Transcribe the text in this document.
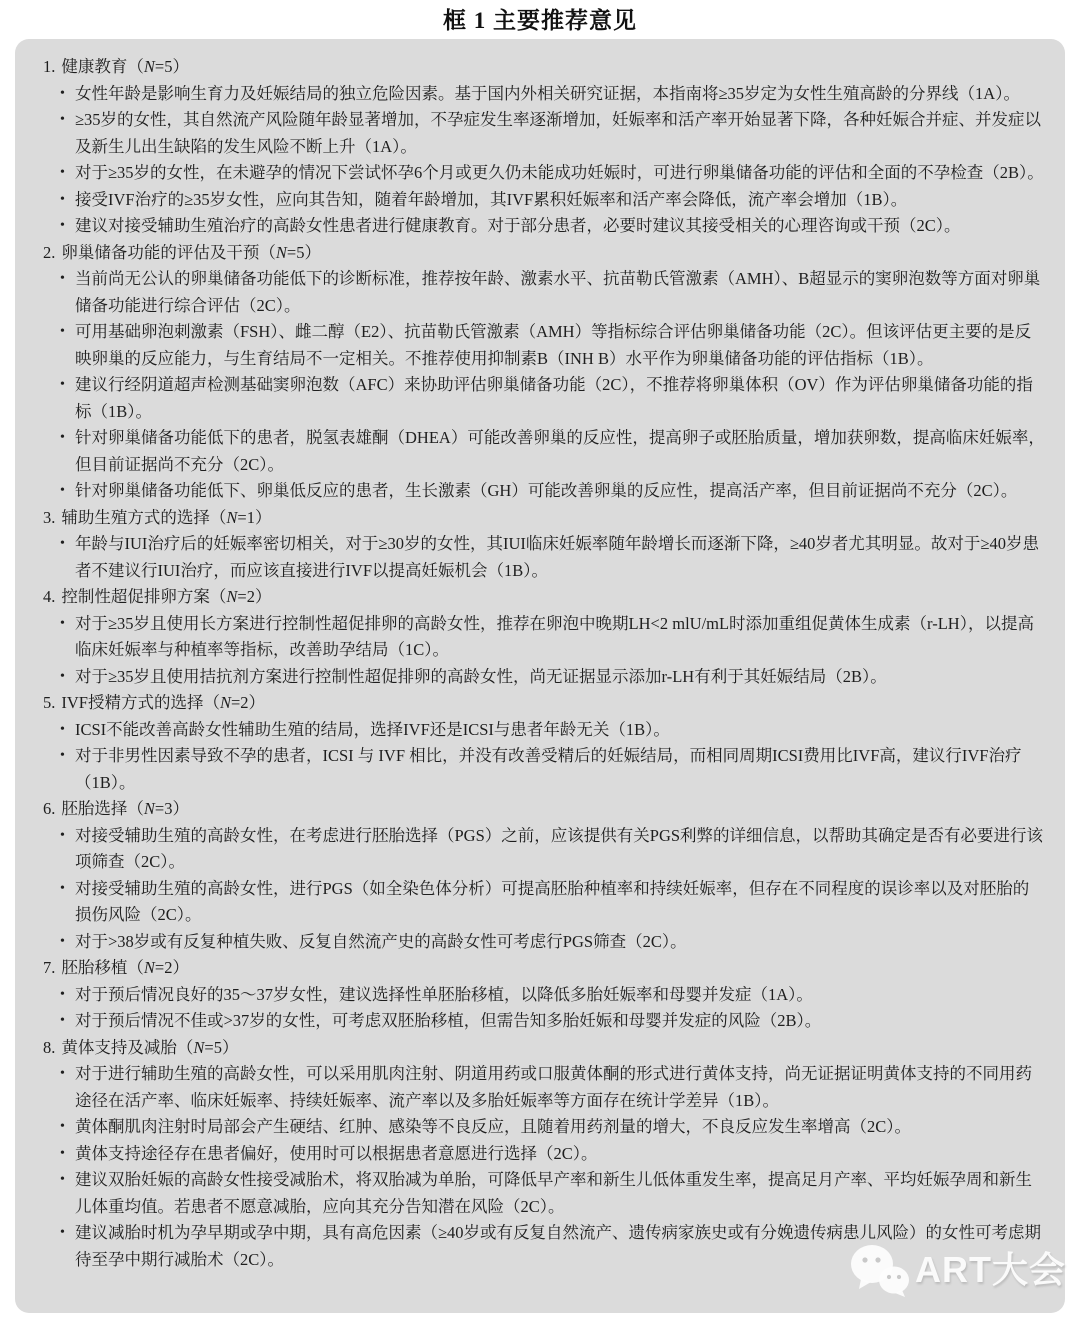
框 1 主要推荐意见
1. 健康教育（N=5）
• 女性年龄是影响生育力及妊娠结局的独立危险因素。基于国内外相关研究证据，本指南将≥35岁定为女性生殖高龄的分界线（1A）。
• ≥35岁的女性，其自然流产风险随年龄显著增加，不孕症发生率逐渐增加，妊娠率和活产率开始显著下降，各种妊娠合并症、并发症以及新生儿出生缺陷的发生风险不断上升（1A）。
• 对于≥35岁的女性，在未避孕的情况下尝试怀孕6个月或更久仍未能成功妊娠时，可进行卵巢储备功能的评估和全面的不孕检查（2B）。
• 接受IVF治疗的≥35岁女性，应向其告知，随着年龄增加，其IVF累积妊娠率和活产率会降低，流产率会增加（1B）。
• 建议对接受辅助生殖治疗的高龄女性患者进行健康教育。对于部分患者，必要时建议其接受相关的心理咨询或干预（2C）。
2. 卵巢储备功能的评估及干预（N=5）
• 当前尚无公认的卵巢储备功能低下的诊断标准，推荐按年龄、激素水平、抗苗勒氏管激素（AMH）、B超显示的窦卵泡数等方面对卵巢储备功能进行综合评估（2C）。
• 可用基础卵泡刺激素（FSH）、雌二醇（E2）、抗苗勒氏管激素（AMH）等指标综合评估卵巢储备功能（2C）。但该评估更主要的是反映卵巢的反应能力，与生育结局不一定相关。不推荐使用抑制素B（INH B）水平作为卵巢储备功能的评估指标（1B）。
• 建议行经阴道超声检测基础窦卵泡数（AFC）来协助评估卵巢储备功能（2C），不推荐将卵巢体积（OV）作为评估卵巢储备功能的指标（1B）。
• 针对卵巢储备功能低下的患者，脱氢表雄酮（DHEA）可能改善卵巢的反应性，提高卵子或胚胎质量，增加获卵数，提高临床妊娠率，但目前证据尚不充分（2C）。
• 针对卵巢储备功能低下、卵巢低反应的患者，生长激素（GH）可能改善卵巢的反应性，提高活产率，但目前证据尚不充分（2C）。
3. 辅助生殖方式的选择（N=1）
• 年龄与IUI治疗后的妊娠率密切相关，对于≥30岁的女性，其IUI临床妊娠率随年龄增长而逐渐下降，≥40岁者尤其明显。故对于≥40岁患者不建议行IUI治疗，而应该直接进行IVF以提高妊娠机会（1B）。
4. 控制性超促排卵方案（N=2）
• 对于≥35岁且使用长方案进行控制性超促排卵的高龄女性，推荐在卵泡中晚期LH<2 mlU/mL时添加重组促黄体生成素（r-LH），以提高临床妊娠率与种植率等指标，改善助孕结局（1C）。
• 对于≥35岁且使用拮抗剂方案进行控制性超促排卵的高龄女性，尚无证据显示添加r-LH有利于其妊娠结局（2B）。
5. IVF授精方式的选择（N=2）
• ICSI不能改善高龄女性辅助生殖的结局，选择IVF还是ICSI与患者年龄无关（1B）。
• 对于非男性因素导致不孕的患者，ICSI 与 IVF 相比，并没有改善受精后的妊娠结局，而相同周期ICSI费用比IVF高，建议行IVF治疗（1B）。
6. 胚胎选择（N=3）
• 对接受辅助生殖的高龄女性，在考虑进行胚胎选择（PGS）之前，应该提供有关PGS利弊的详细信息，以帮助其确定是否有必要进行该项筛查（2C）。
• 对接受辅助生殖的高龄女性，进行PGS（如全染色体分析）可提高胚胎种植率和持续妊娠率，但存在不同程度的误诊率以及对胚胎的损伤风险（2C）。
• 对于>38岁或有反复种植失败、反复自然流产史的高龄女性可考虑行PGS筛查（2C）。
7. 胚胎移植（N=2）
• 对于预后情况良好的35～37岁女性，建议选择性单胚胎移植，以降低多胎妊娠率和母婴并发症（1A）。
• 对于预后情况不佳或>37岁的女性，可考虑双胚胎移植，但需告知多胎妊娠和母婴并发症的风险（2B）。
8. 黄体支持及减胎（N=5）
• 对于进行辅助生殖的高龄女性，可以采用肌肉注射、阴道用药或口服黄体酮的形式进行黄体支持，尚无证据证明黄体支持的不同用药途径在活产率、临床妊娠率、持续妊娠率、流产率以及多胎妊娠率等方面存在统计学差异（1B）。
• 黄体酮肌肉注射时局部会产生硬结、红肿、感染等不良反应，且随着用药剂量的增大，不良反应发生率增高（2C）。
• 黄体支持途径存在患者偏好，使用时可以根据患者意愿进行选择（2C）。
• 建议双胎妊娠的高龄女性接受减胎术，将双胎减为单胎，可降低早产率和新生儿低体重发生率，提高足月产率、平均妊娠孕周和新生儿体重均值。若患者不愿意减胎，应向其充分告知潜在风险（2C）。
• 建议减胎时机为孕早期或孕中期，具有高危因素（≥40岁或有反复自然流产、遗传病家族史或有分娩遗传病患儿风险）的女性可考虑期待至孕中期行减胎术（2C）。	ART大会
